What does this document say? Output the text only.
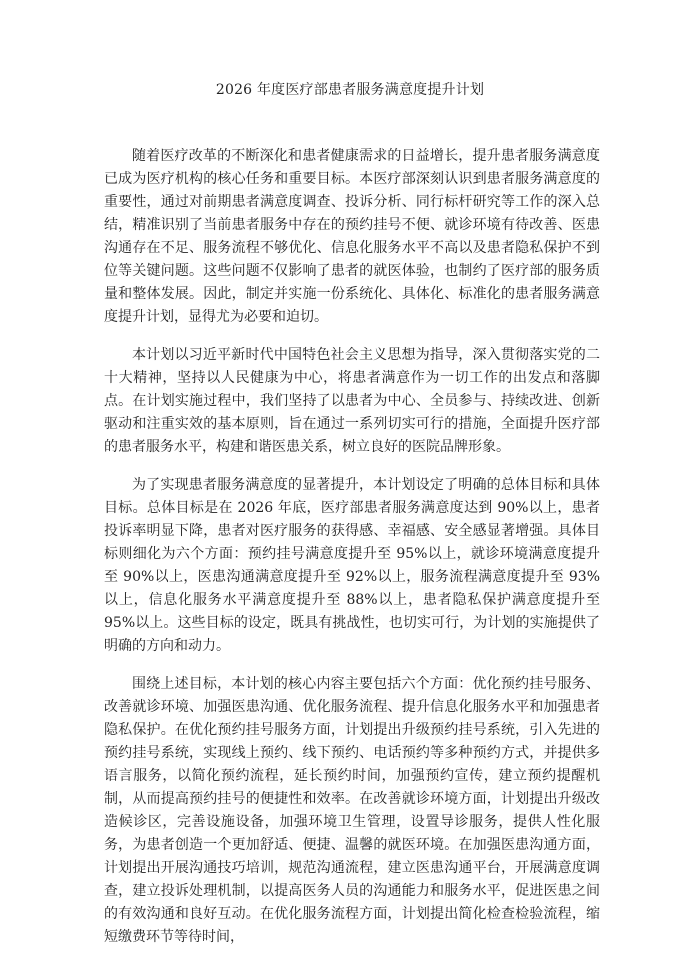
2026 年度医疗部患者服务满意度提升计划

随着医疗改革的不断深化和患者健康需求的日益增长，提升患者服务满意度已成为医疗机构的核心任务和重要目标。本医疗部深刻认识到患者服务满意度的重要性，通过对前期患者满意度调查、投诉分析、同行标杆研究等工作的深入总结，精准识别了当前患者服务中存在的预约挂号不便、就诊环境有待改善、医患沟通存在不足、服务流程不够优化、信息化服务水平不高以及患者隐私保护不到位等关键问题。这些问题不仅影响了患者的就医体验，也制约了医疗部的服务质量和整体发展。因此，制定并实施一份系统化、具体化、标准化的患者服务满意度提升计划，显得尤为必要和迫切。

本计划以习近平新时代中国特色社会主义思想为指导，深入贯彻落实党的二十大精神，坚持以人民健康为中心，将患者满意作为一切工作的出发点和落脚点。在计划实施过程中，我们坚持了以患者为中心、全员参与、持续改进、创新驱动和注重实效的基本原则，旨在通过一系列切实可行的措施，全面提升医疗部的患者服务水平，构建和谐医患关系，树立良好的医院品牌形象。

为了实现患者服务满意度的显著提升，本计划设定了明确的总体目标和具体目标。总体目标是在 2026 年底，医疗部患者服务满意度达到 90%以上，患者投诉率明显下降，患者对医疗服务的获得感、幸福感、安全感显著增强。具体目标则细化为六个方面：预约挂号满意度提升至 95%以上，就诊环境满意度提升至 90%以上，医患沟通满意度提升至 92%以上，服务流程满意度提升至 93%以上，信息化服务水平满意度提升至 88%以上，患者隐私保护满意度提升至 95%以上。这些目标的设定，既具有挑战性，也切实可行，为计划的实施提供了明确的方向和动力。

围绕上述目标，本计划的核心内容主要包括六个方面：优化预约挂号服务、改善就诊环境、加强医患沟通、优化服务流程、提升信息化服务水平和加强患者隐私保护。在优化预约挂号服务方面，计划提出升级预约挂号系统，引入先进的预约挂号系统，实现线上预约、线下预约、电话预约等多种预约方式，并提供多语言服务，以简化预约流程，延长预约时间，加强预约宣传，建立预约提醒机制，从而提高预约挂号的便捷性和效率。在改善就诊环境方面，计划提出升级改造候诊区，完善设施设备，加强环境卫生管理，设置导诊服务，提供人性化服务，为患者创造一个更加舒适、便捷、温馨的就医环境。在加强医患沟通方面，计划提出开展沟通技巧培训，规范沟通流程，建立医患沟通平台，开展满意度调查，建立投诉处理机制，以提高医务人员的沟通能力和服务水平，促进医患之间的有效沟通和良好互动。在优化服务流程方面，计划提出简化检查检验流程，缩短缴费环节等待时间，
